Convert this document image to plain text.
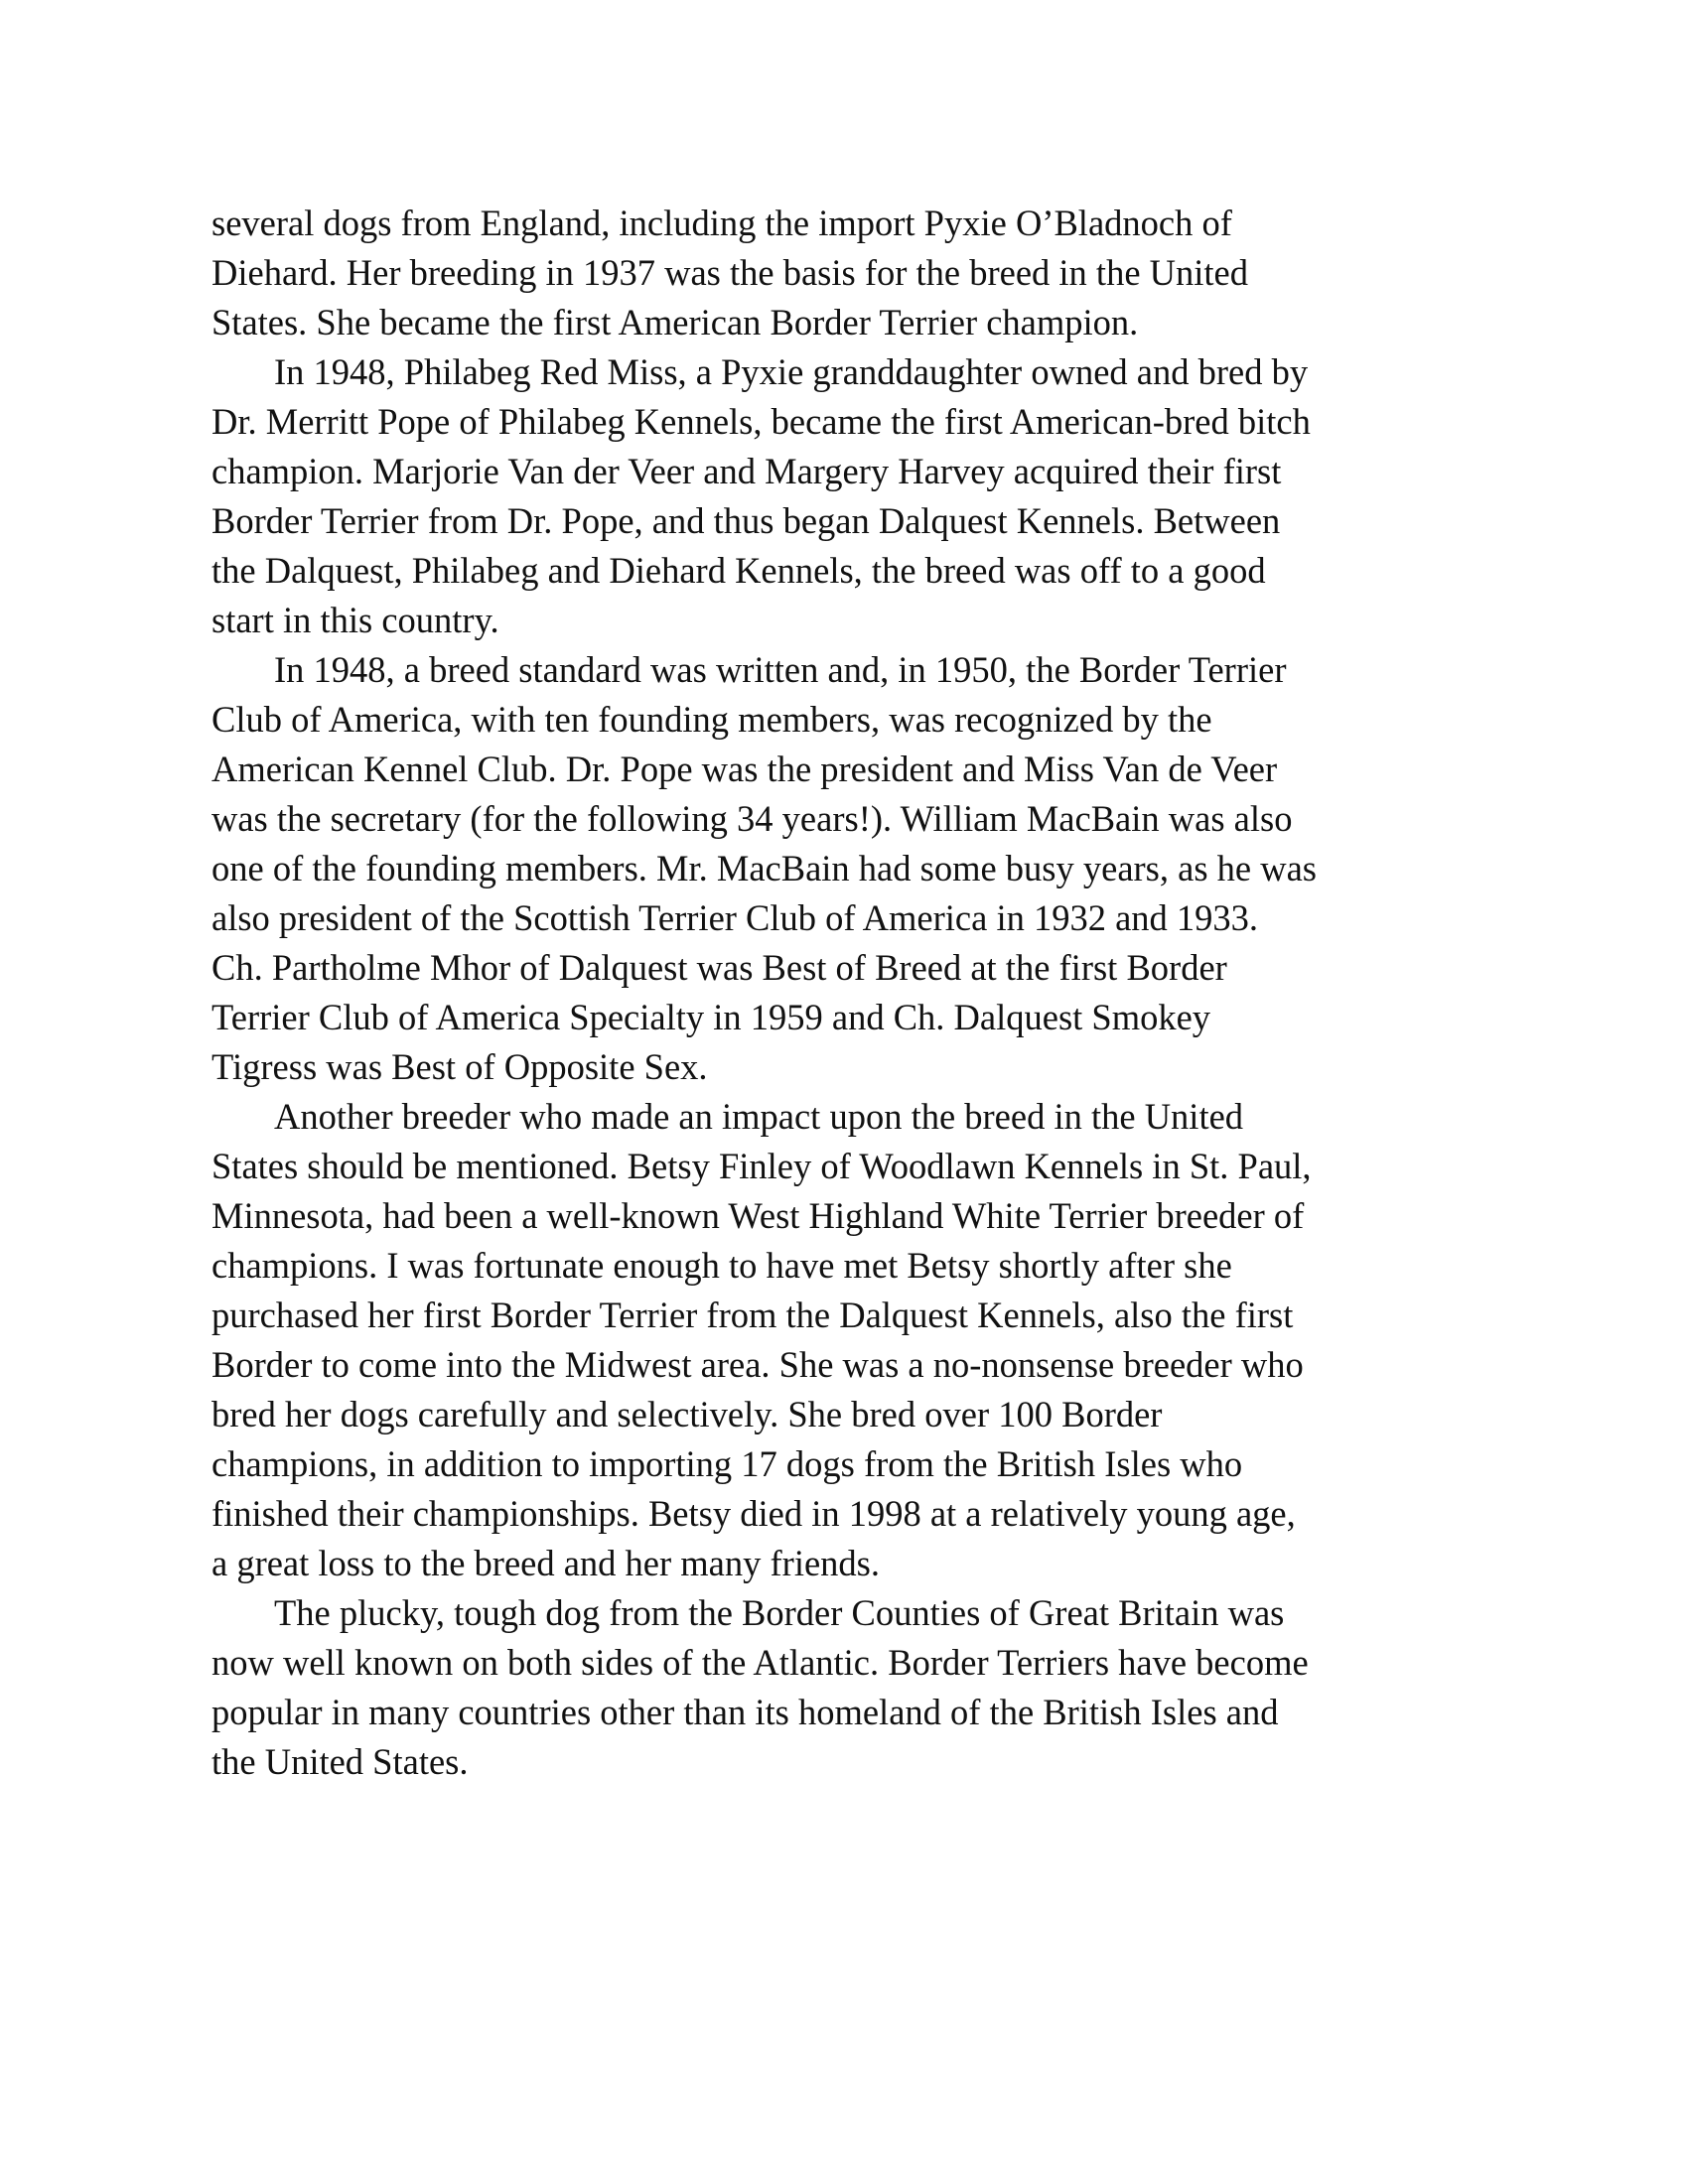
several dogs from England, including the import Pyxie O’Bladnoch of
Diehard. Her breeding in 1937 was the basis for the breed in the United
States. She became the first American Border Terrier champion.

In 1948, Philabeg Red Miss, a Pyxie granddaughter owned and bred by
Dr. Merritt Pope of Philabeg Kennels, became the first American-bred bitch
champion. Marjorie Van der Veer and Margery Harvey acquired their first
Border Terrier from Dr. Pope, and thus began Dalquest Kennels. Between
the Dalquest, Philabeg and Diehard Kennels, the breed was off to a good
start in this country.

In 1948, a breed standard was written and, in 1950, the Border Terrier
Club of America, with ten founding members, was recognized by the
American Kennel Club. Dr. Pope was the president and Miss Van de Veer
was the secretary (for the following 34 years!). William MacBain was also
one of the founding members. Mr. MacBain had some busy years, as he was
also president of the Scottish Terrier Club of America in 1932 and 1933.
Ch. Partholme Mhor of Dalquest was Best of Breed at the first Border
Terrier Club of America Specialty in 1959 and Ch. Dalquest Smokey
Tigress was Best of Opposite Sex.

Another breeder who made an impact upon the breed in the United
States should be mentioned. Betsy Finley of Woodlawn Kennels in St. Paul,
Minnesota, had been a well-known West Highland White Terrier breeder of
champions. I was fortunate enough to have met Betsy shortly after she
purchased her first Border Terrier from the Dalquest Kennels, also the first
Border to come into the Midwest area. She was a no-nonsense breeder who
bred her dogs carefully and selectively. She bred over 100 Border
champions, in addition to importing 17 dogs from the British Isles who
finished their championships. Betsy died in 1998 at a relatively young age,
a great loss to the breed and her many friends.

The plucky, tough dog from the Border Counties of Great Britain was
now well known on both sides of the Atlantic. Border Terriers have become
popular in many countries other than its homeland of the British Isles and
the United States.
